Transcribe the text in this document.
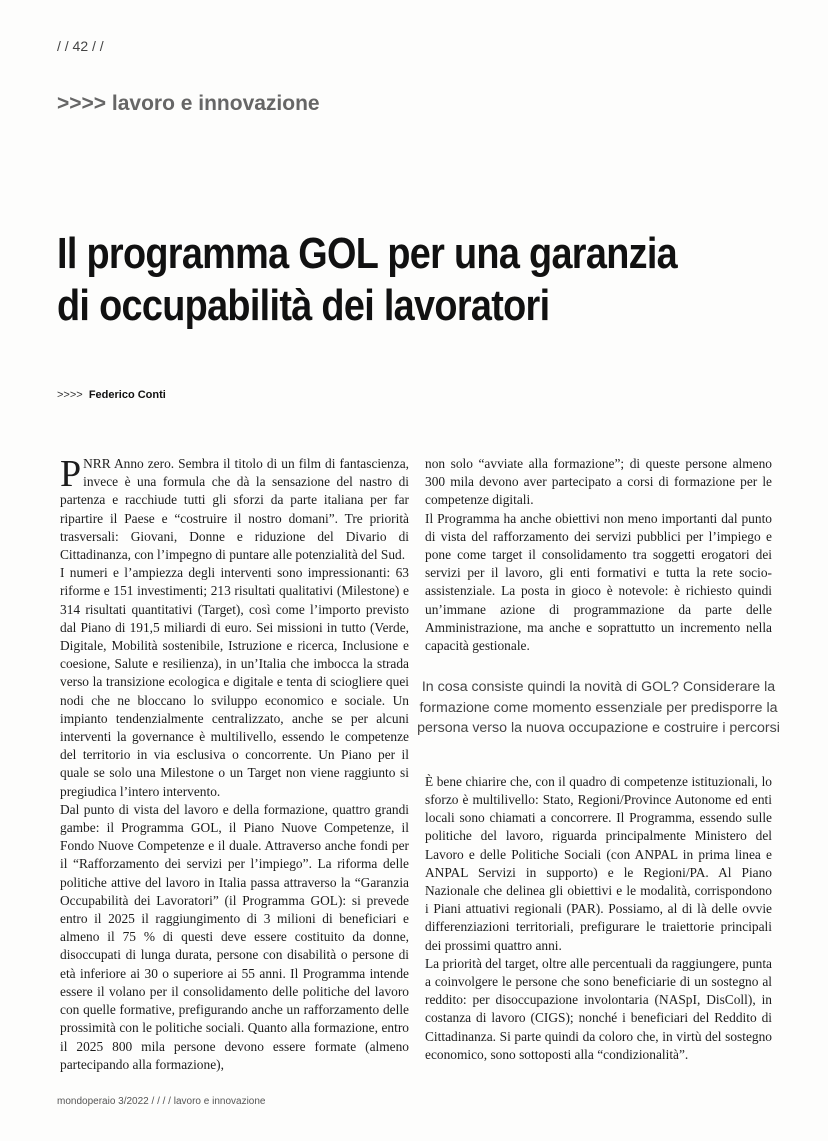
/ / 42 / /
>>>> lavoro e innovazione
Il programma GOL per una garanzia
di occupabilità dei lavoratori
>>>> Federico Conti

PNRR Anno zero. Sembra il titolo di un film di fantascienza, invece è una formula che dà la sensazione del nastro di partenza e racchiude tutti gli sforzi da parte italiana per far ripartire il Paese e “costruire il nostro domani”. Tre priorità trasversali: Giovani, Donne e riduzione del Divario di Cittadinanza, con l’impegno di puntare alle potenzialità del Sud.

I numeri e l’ampiezza degli interventi sono impressionanti: 63 riforme e 151 investimenti; 213 risultati qualitativi (Milestone) e 314 risultati quantitativi (Target), così come l’importo previsto dal Piano di 191,5 miliardi di euro. Sei missioni in tutto (Verde, Digitale, Mobilità sostenibile, Istruzione e ricerca, Inclusione e coesione, Salute e resilienza), in un’Italia che imbocca la strada verso la transizione ecologica e digitale e tenta di sciogliere quei nodi che ne bloccano lo sviluppo economico e sociale. Un impianto tendenzialmente centralizzato, anche se per alcuni interventi la governance è multilivello, essendo le competenze del territorio in via esclusiva o concorrente. Un Piano per il quale se solo una Milestone o un Target non viene raggiunto si pregiudica l’intero intervento.

Dal punto di vista del lavoro e della formazione, quattro grandi gambe: il Programma GOL, il Piano Nuove Competenze, il Fondo Nuove Competenze e il duale. Attraverso anche fondi per il “Rafforzamento dei servizi per l’impiego”. La riforma delle politiche attive del lavoro in Italia passa attraverso la “Garanzia Occupabilità dei Lavoratori” (il Programma GOL): si prevede entro il 2025 il raggiungimento di 3 milioni di beneficiari e almeno il 75 % di questi deve essere costituito da donne, disoccupati di lunga durata, persone con disabilità o persone di età inferiore ai 30 o superiore ai 55 anni. Il Programma intende essere il volano per il consolidamento delle politiche del lavoro con quelle formative, prefigurando anche un rafforzamento delle prossimità con le politiche sociali. Quanto alla formazione, entro il 2025 800 mila persone devono essere formate (almeno partecipando alla formazione),

non solo “avviate alla formazione”; di queste persone almeno 300 mila devono aver partecipato a corsi di formazione per le competenze digitali.

Il Programma ha anche obiettivi non meno importanti dal punto di vista del rafforzamento dei servizi pubblici per l’impiego e pone come target il consolidamento tra soggetti erogatori dei servizi per il lavoro, gli enti formativi e tutta la rete socio-assistenziale. La posta in gioco è notevole: è richiesto quindi un’immane azione di programmazione da parte delle Amministrazione, ma anche e soprattutto un incremento nella capacità gestionale.

In cosa consiste quindi la novità di GOL? Considerare la formazione come momento essenziale per predisporre la persona verso la nuova occupazione e costruire i percorsi

È bene chiarire che, con il quadro di competenze istituzionali, lo sforzo è multilivello: Stato, Regioni/Province Autonome ed enti locali sono chiamati a concorrere. Il Programma, essendo sulle politiche del lavoro, riguarda principalmente Ministero del Lavoro e delle Politiche Sociali (con ANPAL in prima linea e ANPAL Servizi in supporto) e le Regioni/PA. Al Piano Nazionale che delinea gli obiettivi e le modalità, corrispondono i Piani attuativi regionali (PAR). Possiamo, al di là delle ovvie differenziazioni territoriali, prefigurare le traiettorie principali dei prossimi quattro anni.

La priorità del target, oltre alle percentuali da raggiungere, punta a coinvolgere le persone che sono beneficiarie di un sostegno al reddito: per disoccupazione involontaria (NASpI, DisColl), in costanza di lavoro (CIGS); nonché i beneficiari del Reddito di Cittadinanza. Si parte quindi da coloro che, in virtù del sostegno economico, sono sottoposti alla “condizionalità”.

mondoperaio 3/2022 / / / / lavoro e innovazione
